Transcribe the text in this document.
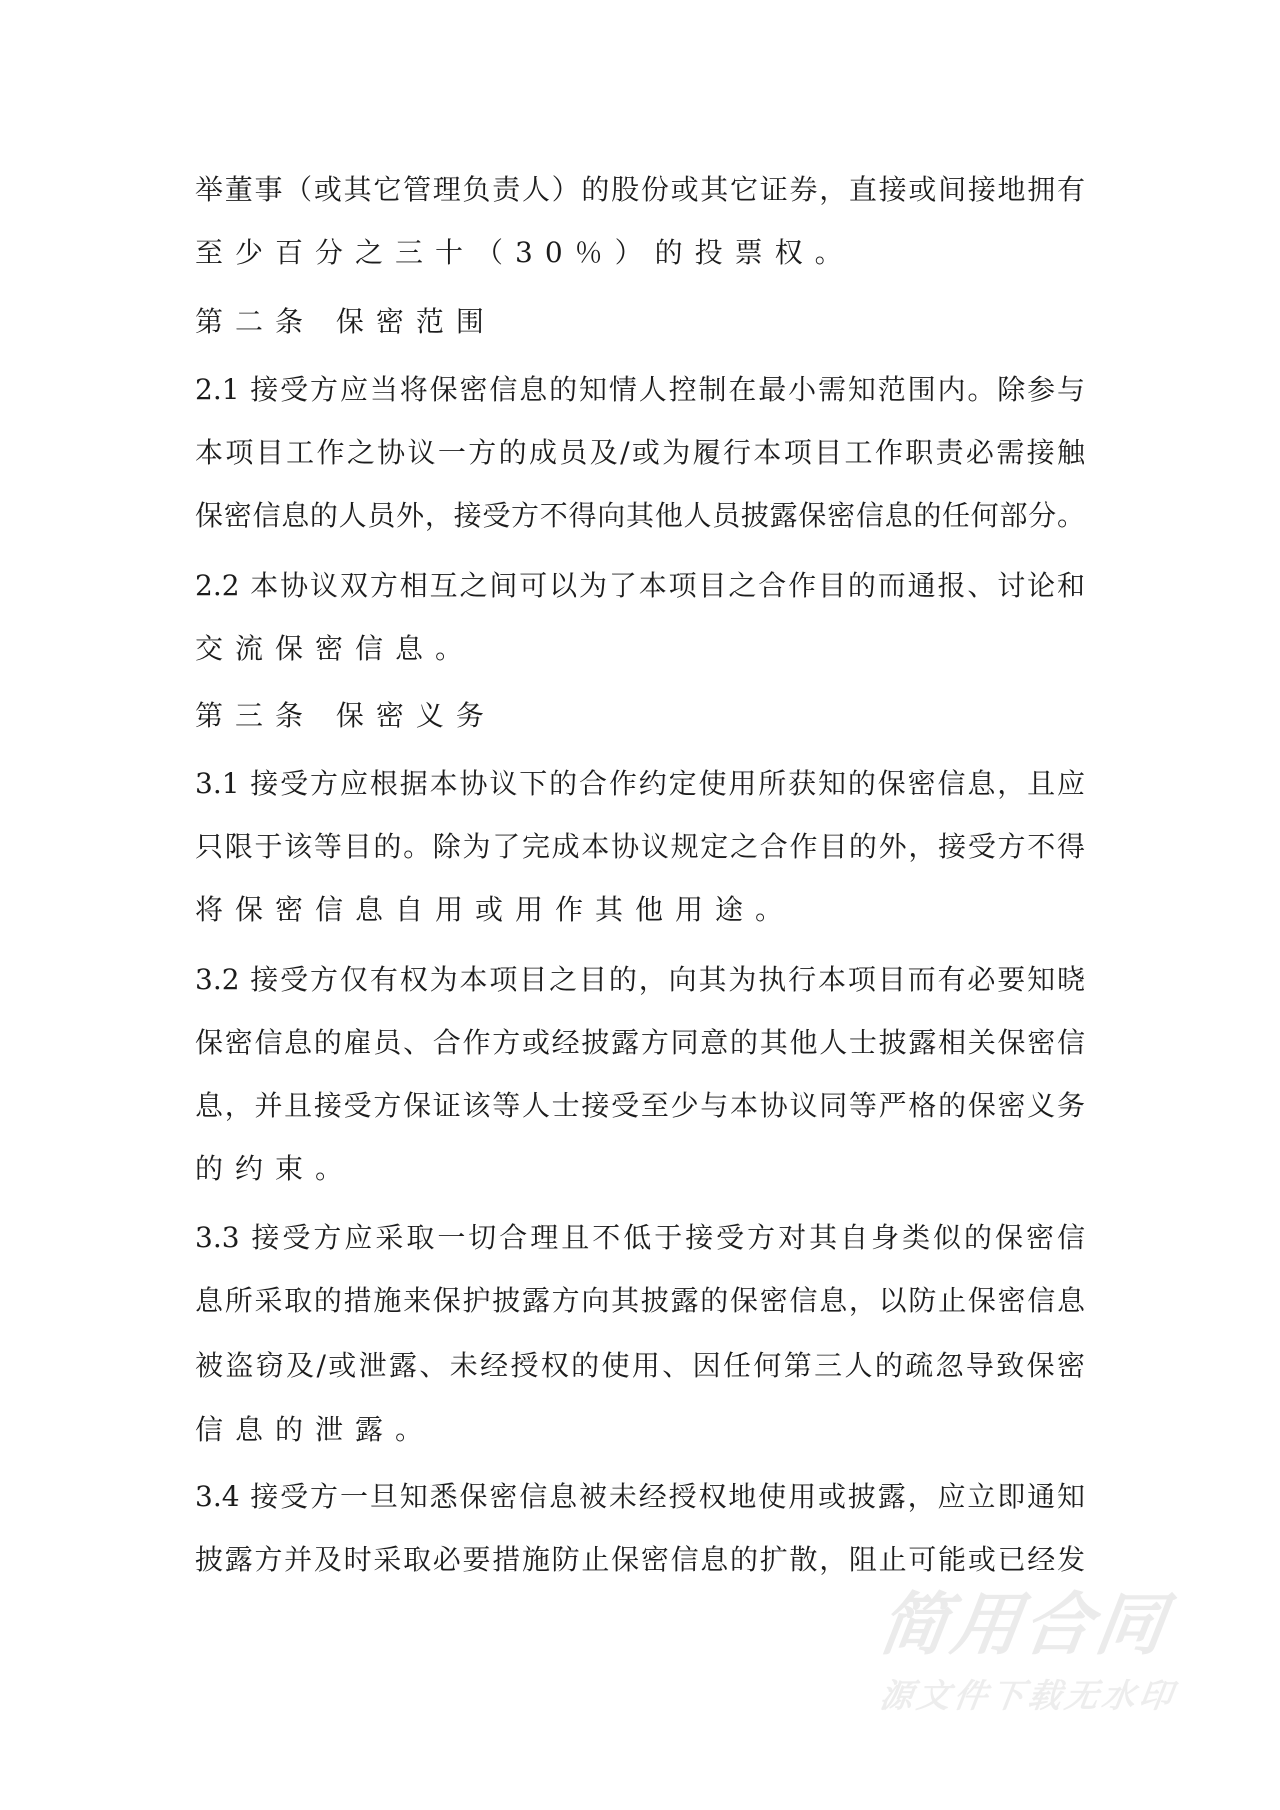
举董事（或其它管理负责人）的股份或其它证券，直接或间接地拥有
至少百分之三十（30％）的投票权。
第二条 保密范围
2.1 接受方应当将保密信息的知情人控制在最小需知范围内。除参与
本项目工作之协议一方的成员及/或为履行本项目工作职责必需接触
保密信息的人员外，接受方不得向其他人员披露保密信息的任何部分。
2.2 本协议双方相互之间可以为了本项目之合作目的而通报、讨论和
交流保密信息。
第三条 保密义务
3.1 接受方应根据本协议下的合作约定使用所获知的保密信息，且应
只限于该等目的。除为了完成本协议规定之合作目的外，接受方不得
将保密信息自用或用作其他用途。
3.2 接受方仅有权为本项目之目的，向其为执行本项目而有必要知晓
保密信息的雇员、合作方或经披露方同意的其他人士披露相关保密信
息，并且接受方保证该等人士接受至少与本协议同等严格的保密义务
的约束。
3.3 接受方应采取一切合理且不低于接受方对其自身类似的保密信
息所采取的措施来保护披露方向其披露的保密信息，以防止保密信息
被盗窃及/或泄露、未经授权的使用、因任何第三人的疏忽导致保密
信息的泄露。
3.4 接受方一旦知悉保密信息被未经授权地使用或披露，应立即通知
披露方并及时采取必要措施防止保密信息的扩散，阻止可能或已经发
简用合同
源文件下载无水印
